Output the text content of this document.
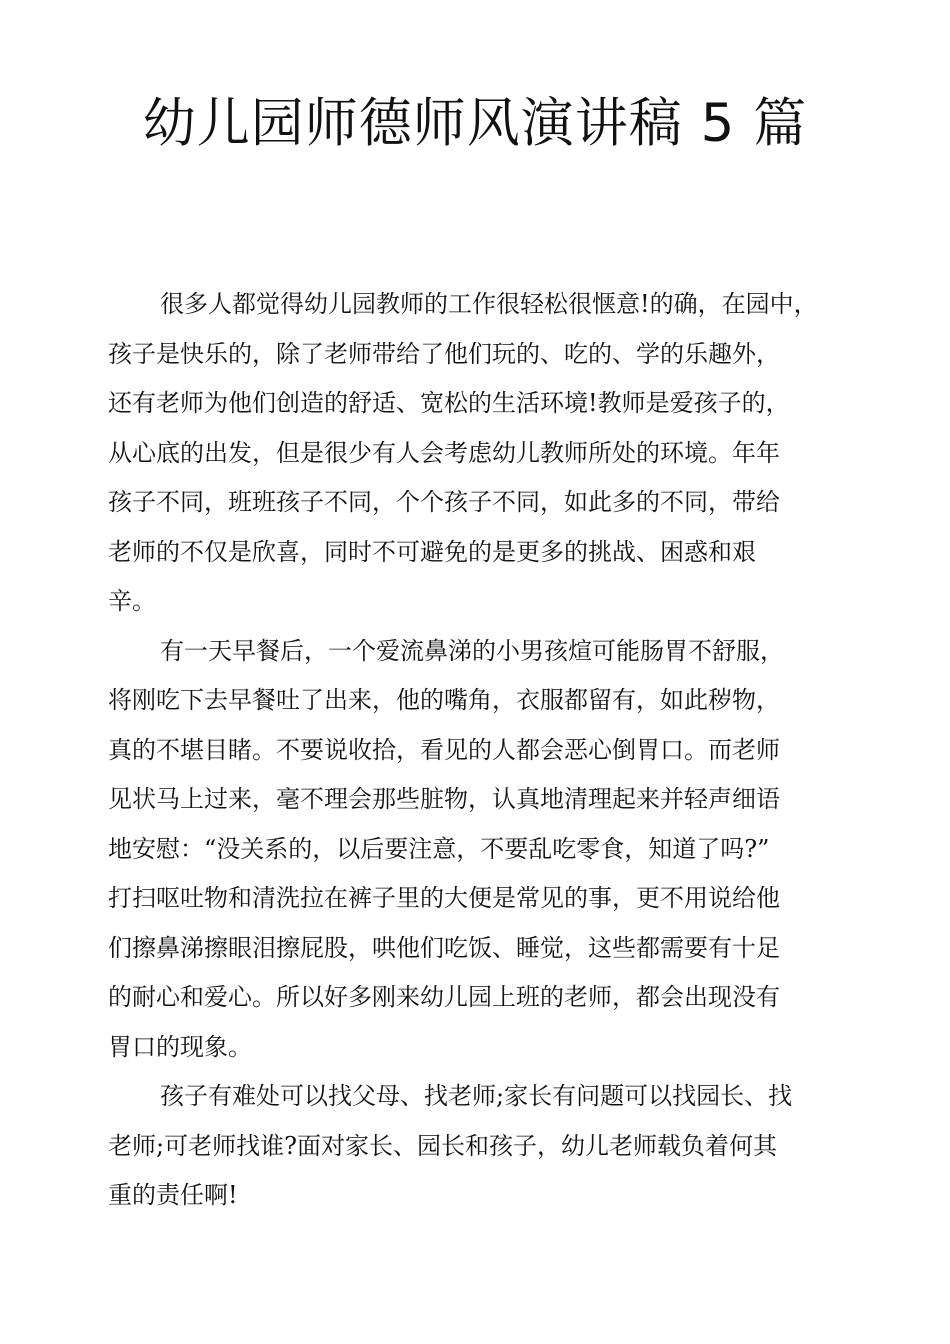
幼儿园师德师风演讲稿 5 篇
很多人都觉得幼儿园教师的工作很轻松很惬意!的确，在园中，
孩子是快乐的，除了老师带给了他们玩的、吃的、学的乐趣外，
还有老师为他们创造的舒适、宽松的生活环境!教师是爱孩子的，
从心底的出发，但是很少有人会考虑幼儿教师所处的环境。年年
孩子不同，班班孩子不同，个个孩子不同，如此多的不同，带给
老师的不仅是欣喜，同时不可避免的是更多的挑战、困惑和艰
辛。
有一天早餐后，一个爱流鼻涕的小男孩煊可能肠胃不舒服，
将刚吃下去早餐吐了出来，他的嘴角，衣服都留有，如此秽物，
真的不堪目睹。不要说收拾，看见的人都会恶心倒胃口。而老师
见状马上过来，毫不理会那些脏物，认真地清理起来并轻声细语
地安慰：“没关系的，以后要注意，不要乱吃零食，知道了吗?”
打扫呕吐物和清洗拉在裤子里的大便是常见的事，更不用说给他
们擦鼻涕擦眼泪擦屁股，哄他们吃饭、睡觉，这些都需要有十足
的耐心和爱心。所以好多刚来幼儿园上班的老师，都会出现没有
胃口的现象。
孩子有难处可以找父母、找老师;家长有问题可以找园长、找
老师;可老师找谁?面对家长、园长和孩子，幼儿老师载负着何其
重的责任啊!
